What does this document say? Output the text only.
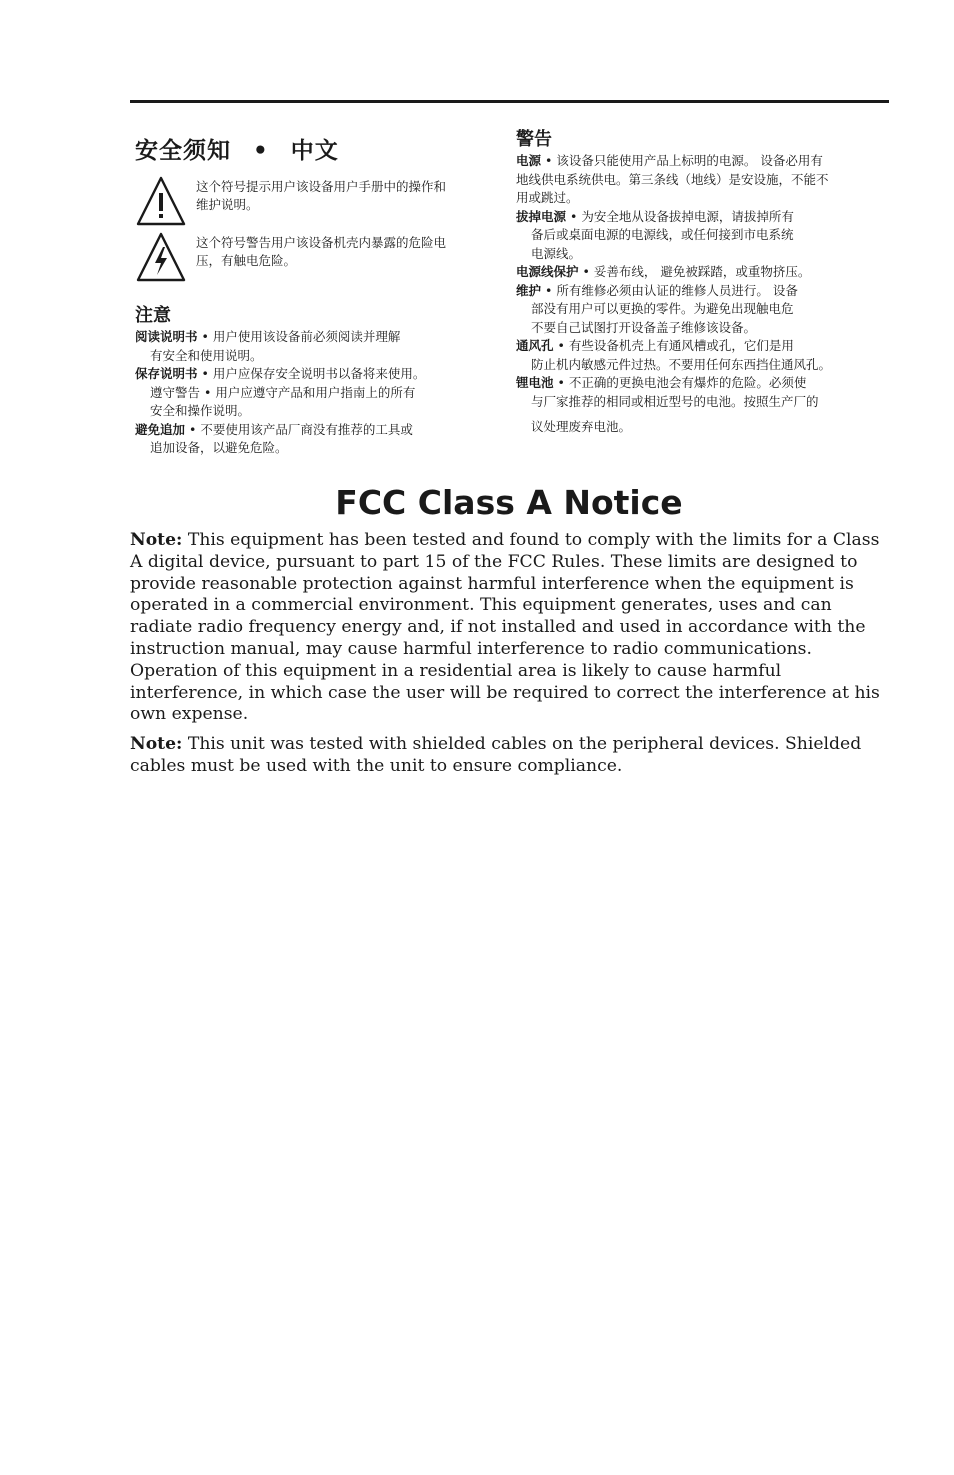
安全须知 • 中文
这个符号提示用户该设备用户手册中的操作和维护说明。
这个符号警告用户该设备机壳内暴露的危险电压，有触电危险。
注意

阅读说明书 • 用户使用该设备前必须阅读并理解

有安全和使用说明。

保存说明书 • 用户应保存安全说明书以备将来使用。

遵守警告 • 用户应遵守产品和用户指南上的所有

安全和操作说明。

避免追加 • 不要使用该产品厂商没有推荐的工具或

追加设备，以避免危险。

警告

电源 • 该设备只能使用产品上标明的电源。 设备必用有

地线供电系统供电。第三条线（地线）是安设施，不能不

用或跳过。

拔掉电源 • 为安全地从设备拔掉电源，请拔掉所有

备后或桌面电源的电源线，或任何接到市电系统

电源线。

电源线保护 • 妥善布线， 避免被踩踏，或重物挤压。

维护 • 所有维修必须由认证的维修人员进行。 设备

部没有用户可以更换的零件。为避免出现触电危

不要自己试图打开设备盖子维修该设备。

通风孔 • 有些设备机壳上有通风槽或孔，它们是用

防止机内敏感元件过热。不要用任何东西挡住通风孔。

锂电池 • 不正确的更换电池会有爆炸的危险。必须使

与厂家推荐的相同或相近型号的电池。按照生产厂的

议处理废弃电池。

FCC Class A Notice

Note: This equipment has been tested and found to comply with the limits for a Class A digital device, pursuant to part 15 of the FCC Rules. These limits are designed to provide reasonable protection against harmful interference when the equipment is operated in a commercial environment. This equipment generates, uses and can radiate radio frequency energy and, if not installed and used in accordance with the instruction manual, may cause harmful interference to radio communications. Operation of this equipment in a residential area is likely to cause harmful interference, in which case the user will be required to correct the interference at his own expense.

Note: This unit was tested with shielded cables on the peripheral devices. Shielded cables must be used with the unit to ensure compliance.
